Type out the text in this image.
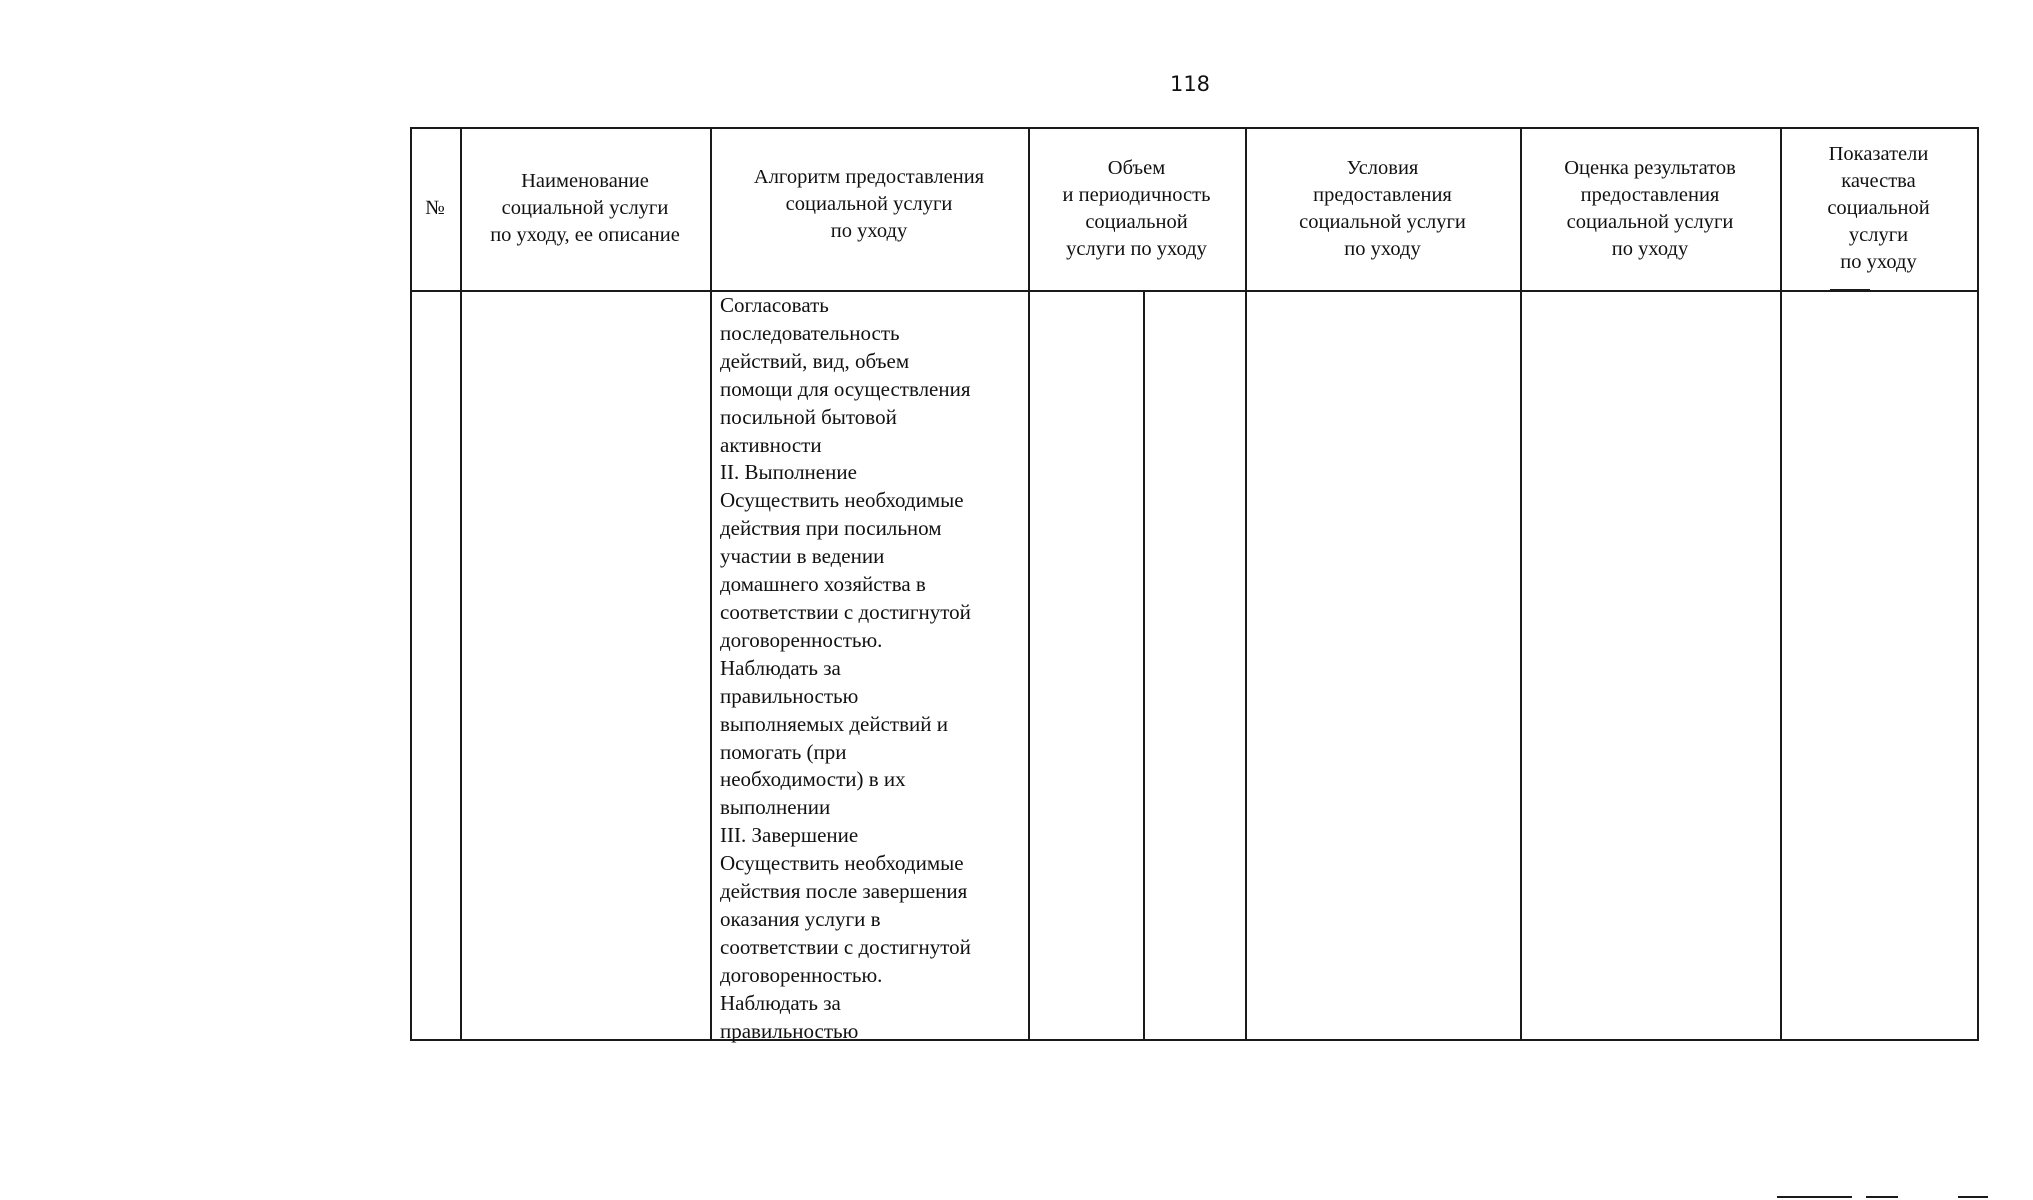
118
№
Наименование
социальной услуги
по уходу, ее описание
Алгоритм предоставления
социальной услуги
по уходу
Объем
и периодичность
социальной
услуги по уходу
Условия
предоставления
социальной услуги
по уходу
Оценка результатов
предоставления
социальной услуги
по уходу
Показатели
качества
социальной
услуги
по уходу
Согласовать
последовательность
действий, вид, объем
помощи для осуществления
посильной бытовой
активности
II. Выполнение
Осуществить необходимые
действия при посильном
участии в ведении
домашнего хозяйства в
соответствии с достигнутой
договоренностью.
Наблюдать за
правильностью
выполняемых действий и
помогать (при
необходимости) в их
выполнении
III. Завершение
Осуществить необходимые
действия после завершения
оказания услуги в
соответствии с достигнутой
договоренностью.
Наблюдать за
правильностью
